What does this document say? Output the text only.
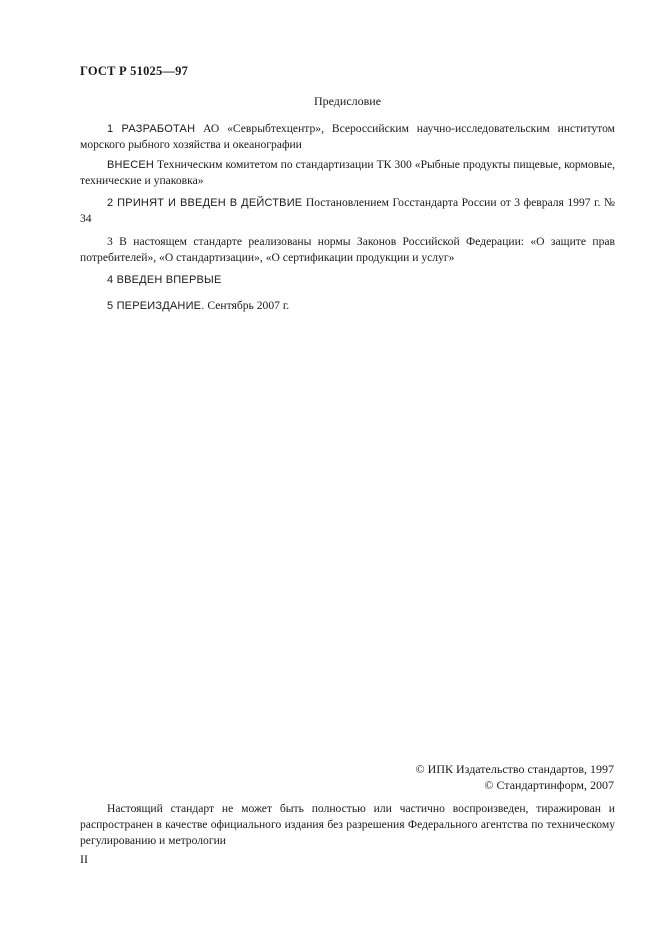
ГОСТ Р 51025—97
Предисловие
1 РАЗРАБОТАН АО «Севрыбтехцентр», Всероссийским научно-исследовательским институтом морского рыбного хозяйства и океанографии
ВНЕСЕН Техническим комитетом по стандартизации ТК 300 «Рыбные продукты пищевые, кормовые, технические и упаковка»
2 ПРИНЯТ И ВВЕДЕН В ДЕЙСТВИЕ Постановлением Госстандарта России от 3 февраля 1997 г. № 34
3 В настоящем стандарте реализованы нормы Законов Российской Федерации: «О защите прав потребителей», «О стандартизации», «О сертификации продукции и услуг»
4 ВВЕДЕН ВПЕРВЫЕ
5 ПЕРЕИЗДАНИЕ. Сентябрь 2007 г.
© ИПК Издательство стандартов, 1997
© Стандартинформ, 2007
Настоящий стандарт не может быть полностью или частично воспроизведен, тиражирован и распространен в качестве официального издания без разрешения Федерального агентства по техническому регулированию и метрологии
II
